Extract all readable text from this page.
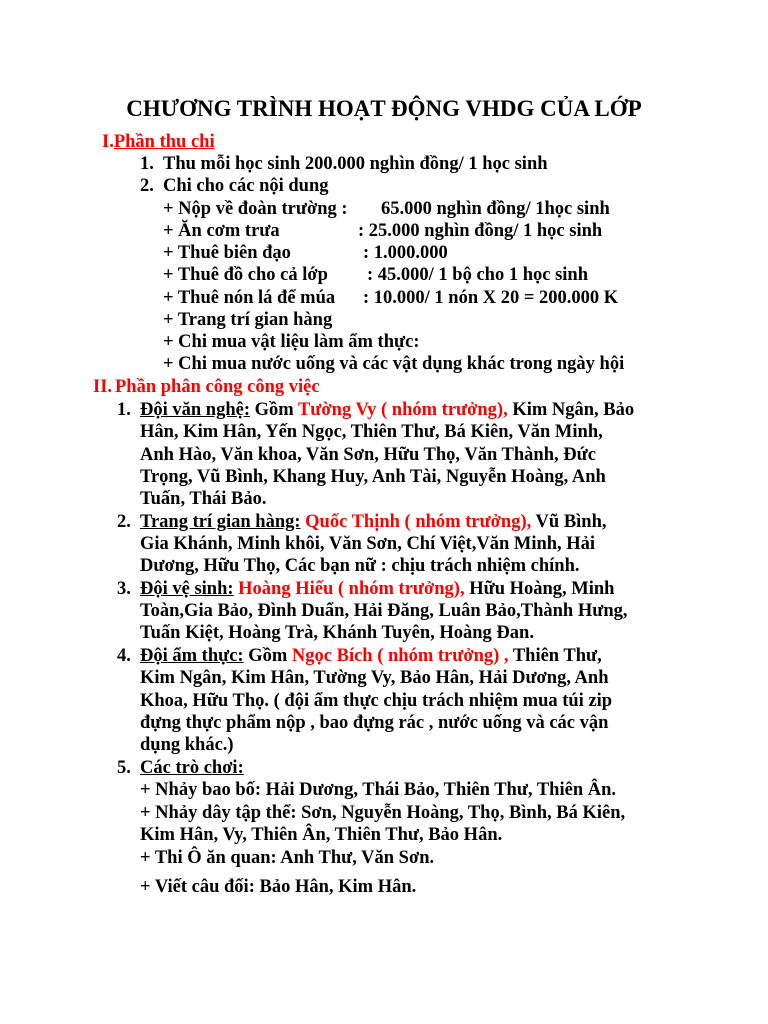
CHƯƠNG TRÌNH HOẠT ĐỘNG VHDG CỦA LỚP
I.Phần thu chi
1. Thu mỗi học sinh 200.000 nghìn đồng/ 1 học sinh
2. Chi cho các nội dung
+ Nộp về đoàn trường : 65.000 nghìn đồng/ 1học sinh
+ Ăn cơm trưa	: 25.000 nghìn đồng/ 1 học sinh
+ Thuê biên đạo	: 1.000.000
+ Thuê đồ cho cả lớp : 45.000/ 1 bộ cho 1 học sinh
+ Thuê nón lá để múa : 10.000/ 1 nón X 20 = 200.000 K
+ Trang trí gian hàng
+ Chi mua vật liệu làm ẩm thực:
+ Chi mua nước uống và các vật dụng khác trong ngày hội
II. Phần phân công công việc
1. Đội văn nghệ: Gồm Tường Vy ( nhóm trưởng), Kim Ngân, Bảo
Hân, Kim Hân, Yến Ngọc, Thiên Thư, Bá Kiên, Văn Minh,
Anh Hào, Văn khoa, Văn Sơn, Hữu Thọ, Văn Thành, Đức
Trọng, Vũ Bình, Khang Huy, Anh Tài, Nguyễn Hoàng, Anh
Tuấn, Thái Bảo.
2. Trang trí gian hàng: Quốc Thịnh ( nhóm trưởng), Vũ Bình,
Gia Khánh, Minh khôi, Văn Sơn, Chí Việt,Văn Minh, Hải
Dương, Hữu Thọ, Các bạn nữ : chịu trách nhiệm chính.
3. Đội vệ sinh: Hoàng Hiếu ( nhóm trưởng), Hữu Hoàng, Minh
Toàn,Gia Bảo, Đình Duẩn, Hải Đăng, Luân Bảo,Thành Hưng,
Tuấn Kiệt, Hoàng Trà, Khánh Tuyên, Hoàng Đan.
4. Đội ẩm thực: Gồm Ngọc Bích ( nhóm trưởng) , Thiên Thư,
Kim Ngân, Kim Hân, Tường Vy, Bảo Hân, Hải Dương, Anh
Khoa, Hữu Thọ. ( đội ẩm thực chịu trách nhiệm mua túi zip
đựng thực phẩm nộp , bao đựng rác , nước uống và các vận
dụng khác.)
5. Các trò chơi:
+ Nhảy bao bố: Hải Dương, Thái Bảo, Thiên Thư, Thiên Ân.
+ Nhảy dây tập thể: Sơn, Nguyễn Hoàng, Thọ, Bình, Bá Kiên,
Kim Hân, Vy, Thiên Ân, Thiên Thư, Bảo Hân.
+ Thi Ô ăn quan: Anh Thư, Văn Sơn.
+ Viết câu đối: Bảo Hân, Kim Hân.
